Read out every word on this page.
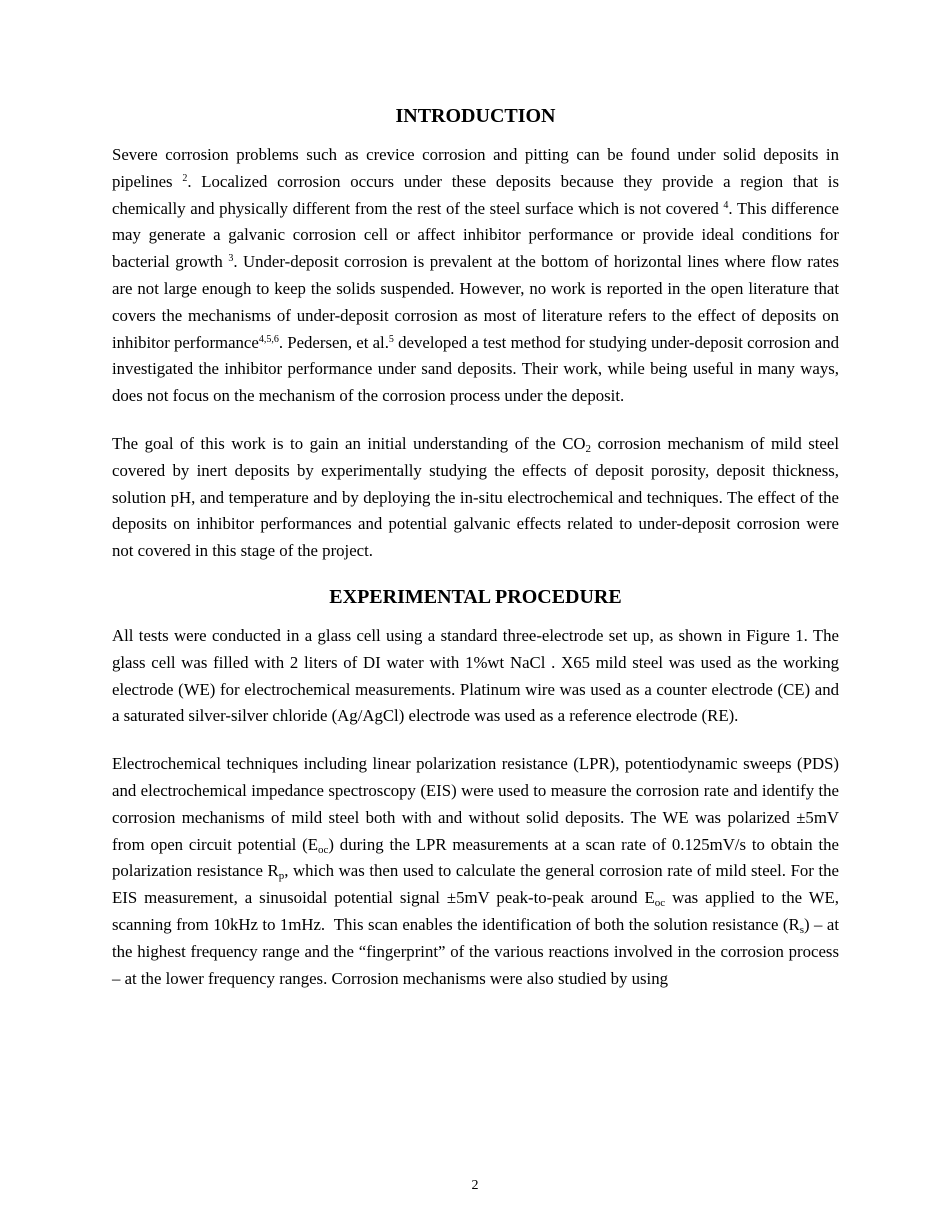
INTRODUCTION

Severe corrosion problems such as crevice corrosion and pitting can be found under solid deposits in pipelines $^2$. Localized corrosion occurs under these deposits because they provide a region that is chemically and physically different from the rest of the steel surface which is not covered $^4$. This difference may generate a galvanic corrosion cell or affect inhibitor performance or provide ideal conditions for bacterial growth $^3$. Under-deposit corrosion is prevalent at the bottom of horizontal lines where flow rates are not large enough to keep the solids suspended. However, no work is reported in the open literature that covers the mechanisms of under-deposit corrosion as most of literature refers to the effect of deposits on inhibitor performance$^{4,5,6}$. Pedersen, et al.$^5$ developed a test method for studying under-deposit corrosion and investigated the inhibitor performance under sand deposits. Their work, while being useful in many ways, does not focus on the mechanism of the corrosion process under the deposit.

The goal of this work is to gain an initial understanding of the $CO_2$ corrosion mechanism of mild steel covered by inert deposits by experimentally studying the effects of deposit porosity, deposit thickness, solution pH, and temperature and by deploying the in-situ electrochemical and techniques. The effect of the deposits on inhibitor performances and potential galvanic effects related to under-deposit corrosion were not covered in this stage of the project.

EXPERIMENTAL PROCEDURE

All tests were conducted in a glass cell using a standard three-electrode set up, as shown in Figure 1. The glass cell was filled with 2 liters of DI water with 1%wt NaCl . X65 mild steel was used as the working electrode (WE) for electrochemical measurements. Platinum wire was used as a counter electrode (CE) and a saturated silver-silver chloride (Ag/AgCl) electrode was used as a reference electrode (RE).

Electrochemical techniques including linear polarization resistance (LPR), potentiodynamic sweeps (PDS) and electrochemical impedance spectroscopy (EIS) were used to measure the corrosion rate and identify the corrosion mechanisms of mild steel both with and without solid deposits. The WE was polarized ±5mV from open circuit potential $(E_{oc})$ during the LPR measurements at a scan rate of 0.125mV/s to obtain the polarization resistance $R_p$, which was then used to calculate the general corrosion rate of mild steel. For the EIS measurement, a sinusoidal potential signal ±5mV peak-to-peak around $E_{oc}$ was applied to the WE, scanning from 10kHz to 1mHz.  This scan enables the identification of both the solution resistance $(R_s)$ – at the highest frequency range and the “fingerprint” of the various reactions involved in the corrosion process – at the lower frequency ranges. Corrosion mechanisms were also studied by using

2
